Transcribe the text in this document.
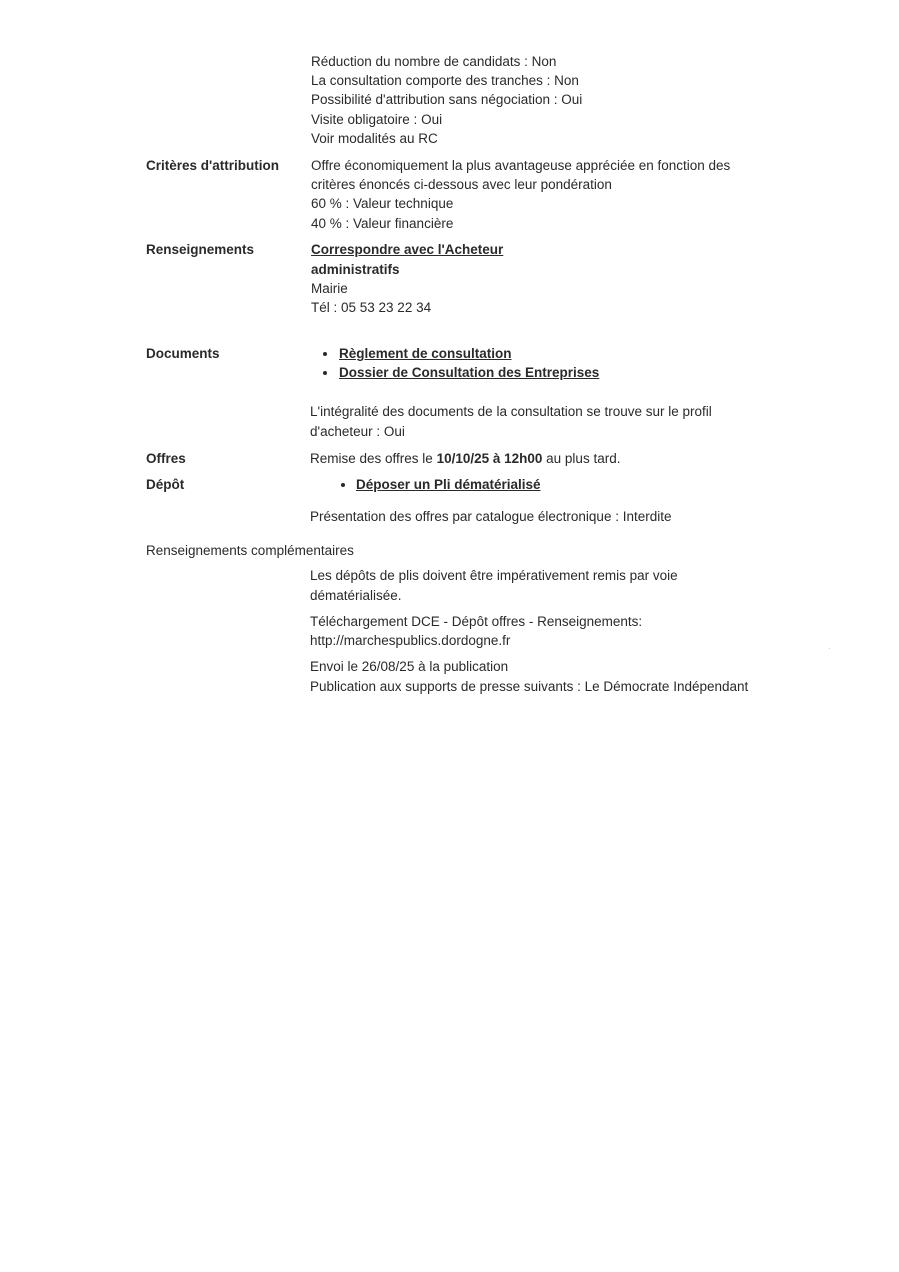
Réduction du nombre de candidats : Non
La consultation comporte des tranches : Non
Possibilité d'attribution sans négociation : Oui
Visite obligatoire : Oui
Voir modalités au RC
Critères d'attribution Offre économiquement la plus avantageuse appréciée en fonction des
critères énoncés ci-dessous avec leur pondération
60 % : Valeur technique
40 % : Valeur financière
Renseignements	Correspondre avec l'Acheteur
administratifs
Mairie
Tél : 05 53 23 22 34
Documents	Règlement de consultation
Dossier de Consultation des Entreprises
L'intégralité des documents de la consultation se trouve sur le profil
d'acheteur : Oui
Offres	Remise des offres le 10/10/25 à 12h00 au plus tard.
Dépôt	Déposer un Pli dématérialisé
Présentation des offres par catalogue électronique : Interdite
Renseignements complémentaires
Les dépôts de plis doivent être impérativement remis par voie
dématérialisée.
Téléchargement DCE - Dépôt offres - Renseignements:
http://marchespublics.dordogne.fr
Envoi le 26/08/25 à la publication
Publication aux supports de presse suivants : Le Démocrate Indépendant
